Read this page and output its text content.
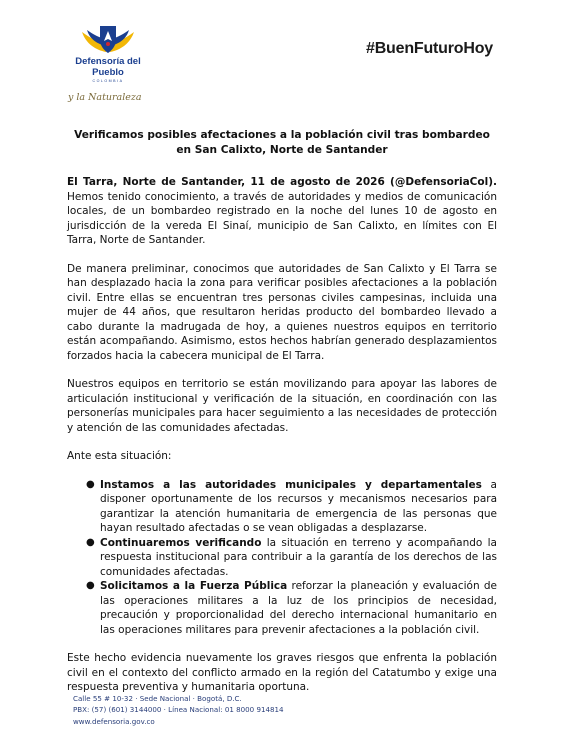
Defensoría del Pueblo
COLOMBIA
y la Naturaleza
#BuenFuturoHoy

Verificamos posibles afectaciones a la población civil tras bombardeo en San Calixto, Norte de Santander

El Tarra, Norte de Santander, 11 de agosto de 2026 (@DefensoriaCol). Hemos tenido conocimiento, a través de autoridades y medios de comunicación locales, de un bombardeo registrado en la noche del lunes 10 de agosto en jurisdicción de la vereda El Sinaí, municipio de San Calixto, en límites con El Tarra, Norte de Santander.

De manera preliminar, conocimos que autoridades de San Calixto y El Tarra se han desplazado hacia la zona para verificar posibles afectaciones a la población civil. Entre ellas se encuentran tres personas civiles campesinas, incluida una mujer de 44 años, que resultaron heridas producto del bombardeo llevado a cabo durante la madrugada de hoy, a quienes nuestros equipos en territorio están acompañando. Asimismo, estos hechos habrían generado desplazamientos forzados hacia la cabecera municipal de El Tarra.

Nuestros equipos en territorio se están movilizando para apoyar las labores de articulación institucional y verificación de la situación, en coordinación con las personerías municipales para hacer seguimiento a las necesidades de protección y atención de las comunidades afectadas.

Ante esta situación:

● Instamos a las autoridades municipales y departamentales a disponer oportunamente de los recursos y mecanismos necesarios para garantizar la atención humanitaria de emergencia de las personas que hayan resultado afectadas o se vean obligadas a desplazarse.
● Continuaremos verificando la situación en terreno y acompañando la respuesta institucional para contribuir a la garantía de los derechos de las comunidades afectadas.
● Solicitamos a la Fuerza Pública reforzar la planeación y evaluación de las operaciones militares a la luz de los principios de necesidad, precaución y proporcionalidad del derecho internacional humanitario en las operaciones militares para prevenir afectaciones a la población civil.

Este hecho evidencia nuevamente los graves riesgos que enfrenta la población civil en el contexto del conflicto armado en la región del Catatumbo y exige una respuesta preventiva y humanitaria oportuna.

Calle 55 # 10-32 · Sede Nacional · Bogotá, D.C.
PBX: (57) (601) 3144000 · Línea Nacional: 01 8000 914814
www.defensoria.gov.co
